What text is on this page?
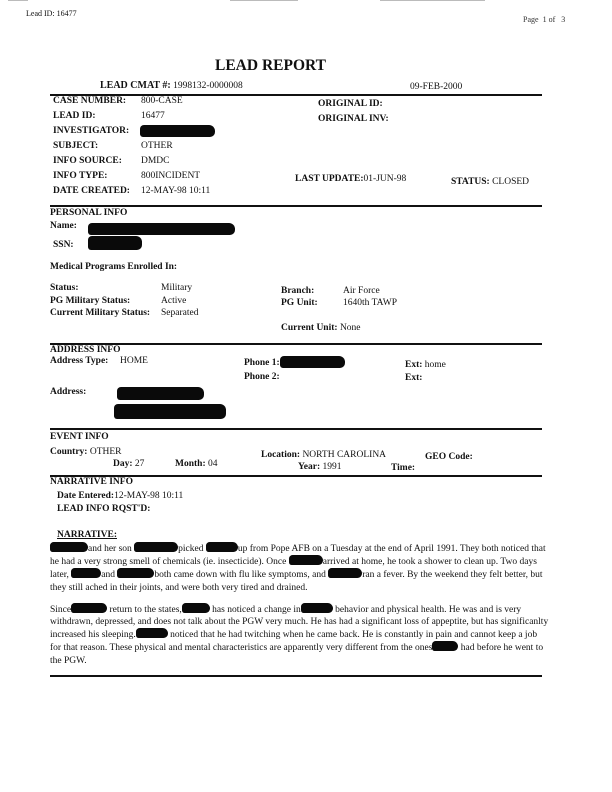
Lead ID: 16477
Page 1 of 3
LEAD REPORT
LEAD CMAT #: 1998132-0000008	09-FEB-2000
CASE NUMBER: 800-CASE
LEAD ID:	16477
INVESTIGATOR:
SUBJECT:	OTHER
INFO SOURCE: DMDC
INFO TYPE:	800INCIDENT
DATE CREATED: 12-MAY-98 10:11
ORIGINAL ID:
ORIGINAL INV:
LAST UPDATE:01-JUN-98	STATUS: CLOSED
PERSONAL INFO
Name:
SSN:
Medical Programs Enrolled In:
Status:	Military
PG Military Status:	Active
Current Military Status: Separated
Branch:	Air Force
PG Unit:	1640th TAWP
Current Unit: None
ADDRESS INFO
Address Type: HOME	Phone 1:
Phone 2:
Ext: home
Ext:
Address:
EVENT INFO
Country: OTHER
Day: 27	Month: 04
Location: NORTH CAROLINA
Year: 1991
GEO Code:
Time:
NARRATIVE INFO
Date Entered:12-MAY-98 10:11
LEAD INFO RQST'D:
NARRATIVE:

and her son	picked	up from Pope AFB on a Tuesday at the end of April 1991. They both noticed that he had a very strong smell of chemicals (ie. insecticide). Once	arrived at home, he took a shower to clean up. Two days later,	and	both came down with flu like symptoms, and	ran a fever. By the weekend they felt better, but they still ached in their joints, and were both very tired and drained.

Since	return to the states,	has noticed a change in	behavior and physical health. He was and is very withdrawn, depressed, and does not talk about the PGW very much. He has had a significant loss of appeptite, but has significanlty increased his sleeping.	noticed that he had twitching when he came back. He is constantly in pain and cannot keep a job for that reason. These physical and mental characteristics are apparently very different from the ones	had before he went to the PGW.
